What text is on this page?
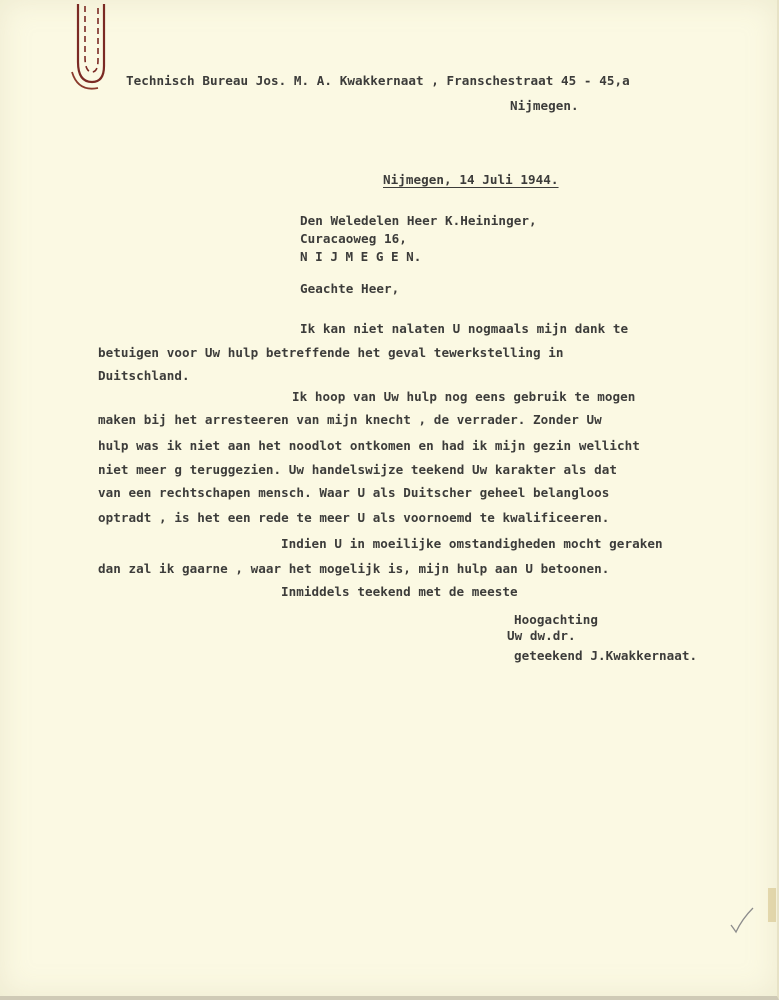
Technisch Bureau Jos. M. A. Kwakkernaat , Franschestraat 45 - 45,a
Nijmegen.
Nijmegen, 14 Juli 1944.
Den Weledelen Heer K.Heininger,
Curacaoweg 16,
N I J M E G E N.
Geachte Heer,
Ik kan niet nalaten U nogmaals mijn dank te
betuigen voor Uw hulp betreffende het geval tewerkstelling in
Duitschland.
Ik hoop van Uw hulp nog eens gebruik te mogen
maken bij het arresteeren van mijn knecht , de verrader. Zonder Uw
hulp was ik niet aan het noodlot ontkomen en had ik mijn gezin wellicht
niet meer g teruggezien. Uw handelswijze teekend Uw karakter als dat
van een rechtschapen mensch. Waar U als Duitscher geheel belangloos
optradt , is het een rede te meer U als voornoemd te kwalificeeren.
Indien U in moeilijke omstandigheden mocht geraken
dan zal ik gaarne , waar het mogelijk is, mijn hulp aan U betoonen.
Inmiddels teekend met de meeste
Hoogachting
Uw dw.dr.
geteekend J.Kwakkernaat.
